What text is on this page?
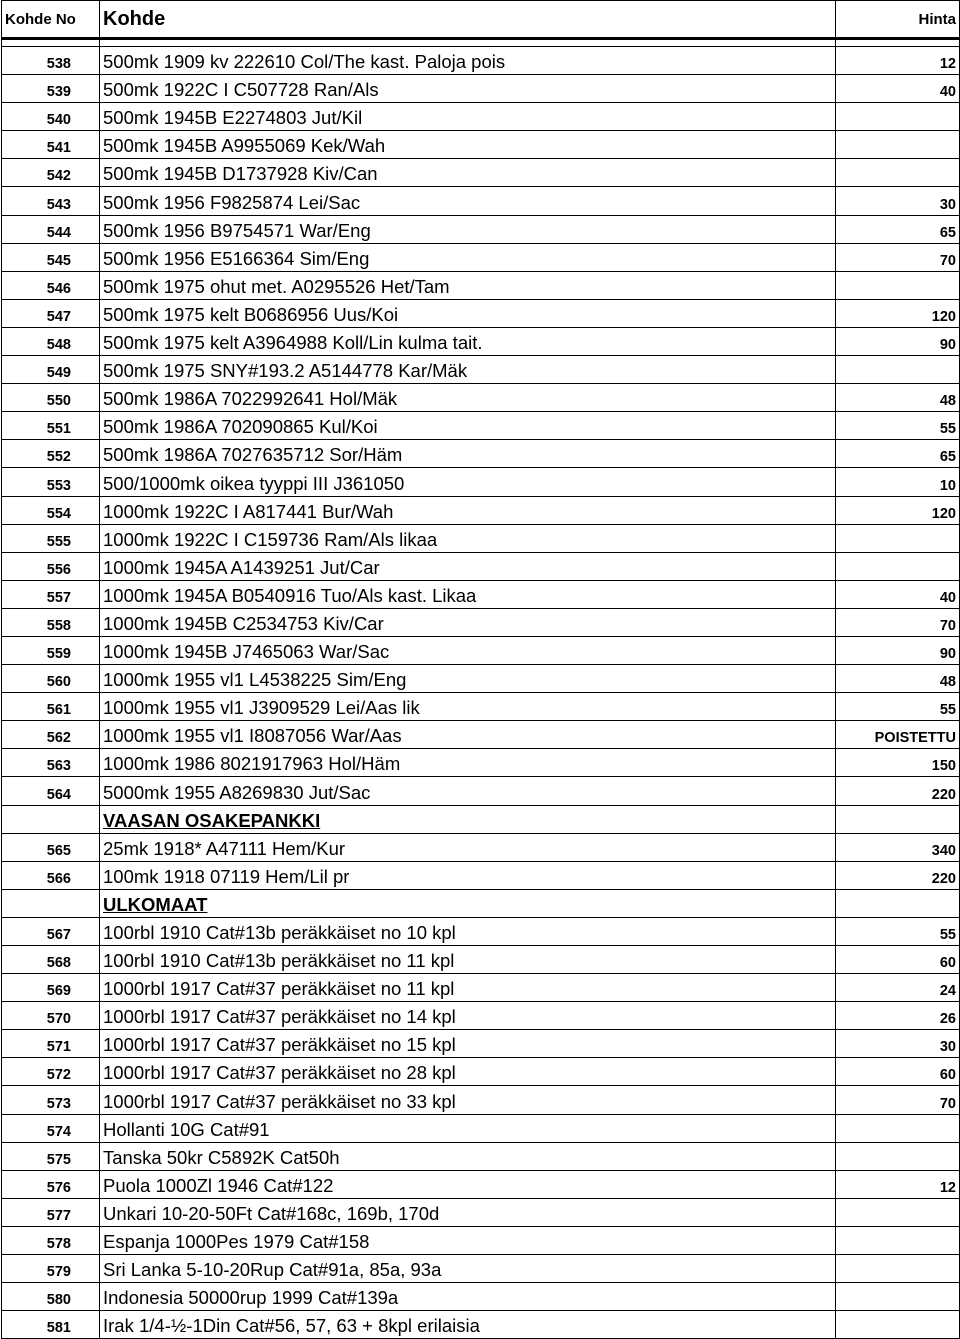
Kohde No	Kohde	Hinta

538	500mk 1909 kv 222610 Col/The kast. Paloja pois	12
539	500mk 1922C I C507728 Ran/Als	40
540	500mk 1945B E2274803 Jut/Kil	
541	500mk 1945B A9955069 Kek/Wah	
542	500mk 1945B D1737928 Kiv/Can	
543	500mk 1956 F9825874 Lei/Sac	30
544	500mk 1956 B9754571 War/Eng	65
545	500mk 1956 E5166364 Sim/Eng	70
546	500mk 1975 ohut met. A0295526 Het/Tam	
547	500mk 1975 kelt B0686956 Uus/Koi	120
548	500mk 1975 kelt A3964988 Koll/Lin kulma tait.	90
549	500mk 1975 SNY#193.2 A5144778 Kar/Mäk	
550	500mk 1986A 7022992641 Hol/Mäk	48
551	500mk 1986A 702090865 Kul/Koi	55
552	500mk 1986A 7027635712 Sor/Häm	65
553	500/1000mk oikea tyyppi III J361050	10
554	1000mk 1922C I A817441 Bur/Wah	120
555	1000mk 1922C I C159736 Ram/Als likaa	
556	1000mk 1945A A1439251 Jut/Car	
557	1000mk 1945A B0540916 Tuo/Als kast. Likaa	40
558	1000mk 1945B C2534753 Kiv/Car	70
559	1000mk 1945B J7465063 War/Sac	90
560	1000mk 1955 vl1 L4538225 Sim/Eng	48
561	1000mk 1955 vl1 J3909529 Lei/Aas lik	55
562	1000mk 1955 vl1 I8087056 War/Aas	POISTETTU
563	1000mk 1986 8021917963 Hol/Häm	150
564	5000mk 1955 A8269830 Jut/Sac	220
	VAASAN OSAKEPANKKI	
565	25mk 1918* A47111 Hem/Kur	340
566	100mk 1918 07119 Hem/Lil pr	220
	ULKOMAAT	
567	100rbl 1910 Cat#13b peräkkäiset no 10 kpl	55
568	100rbl 1910 Cat#13b peräkkäiset no 11 kpl	60
569	1000rbl 1917 Cat#37 peräkkäiset no 11 kpl	24
570	1000rbl 1917 Cat#37 peräkkäiset no 14 kpl	26
571	1000rbl 1917 Cat#37 peräkkäiset no 15 kpl	30
572	1000rbl 1917 Cat#37 peräkkäiset no 28 kpl	60
573	1000rbl 1917 Cat#37 peräkkäiset no 33 kpl	70
574	Hollanti 10G Cat#91	
575	Tanska 50kr C5892K Cat50h	
576	Puola 1000Zl 1946 Cat#122	12
577	Unkari 10-20-50Ft Cat#168c, 169b, 170d	
578	Espanja 1000Pes 1979 Cat#158	
579	Sri Lanka 5-10-20Rup Cat#91a, 85a, 93a	
580	Indonesia 50000rup 1999 Cat#139a	
581	Irak 1/4-½-1Din Cat#56, 57, 63 + 8kpl erilaisia	
